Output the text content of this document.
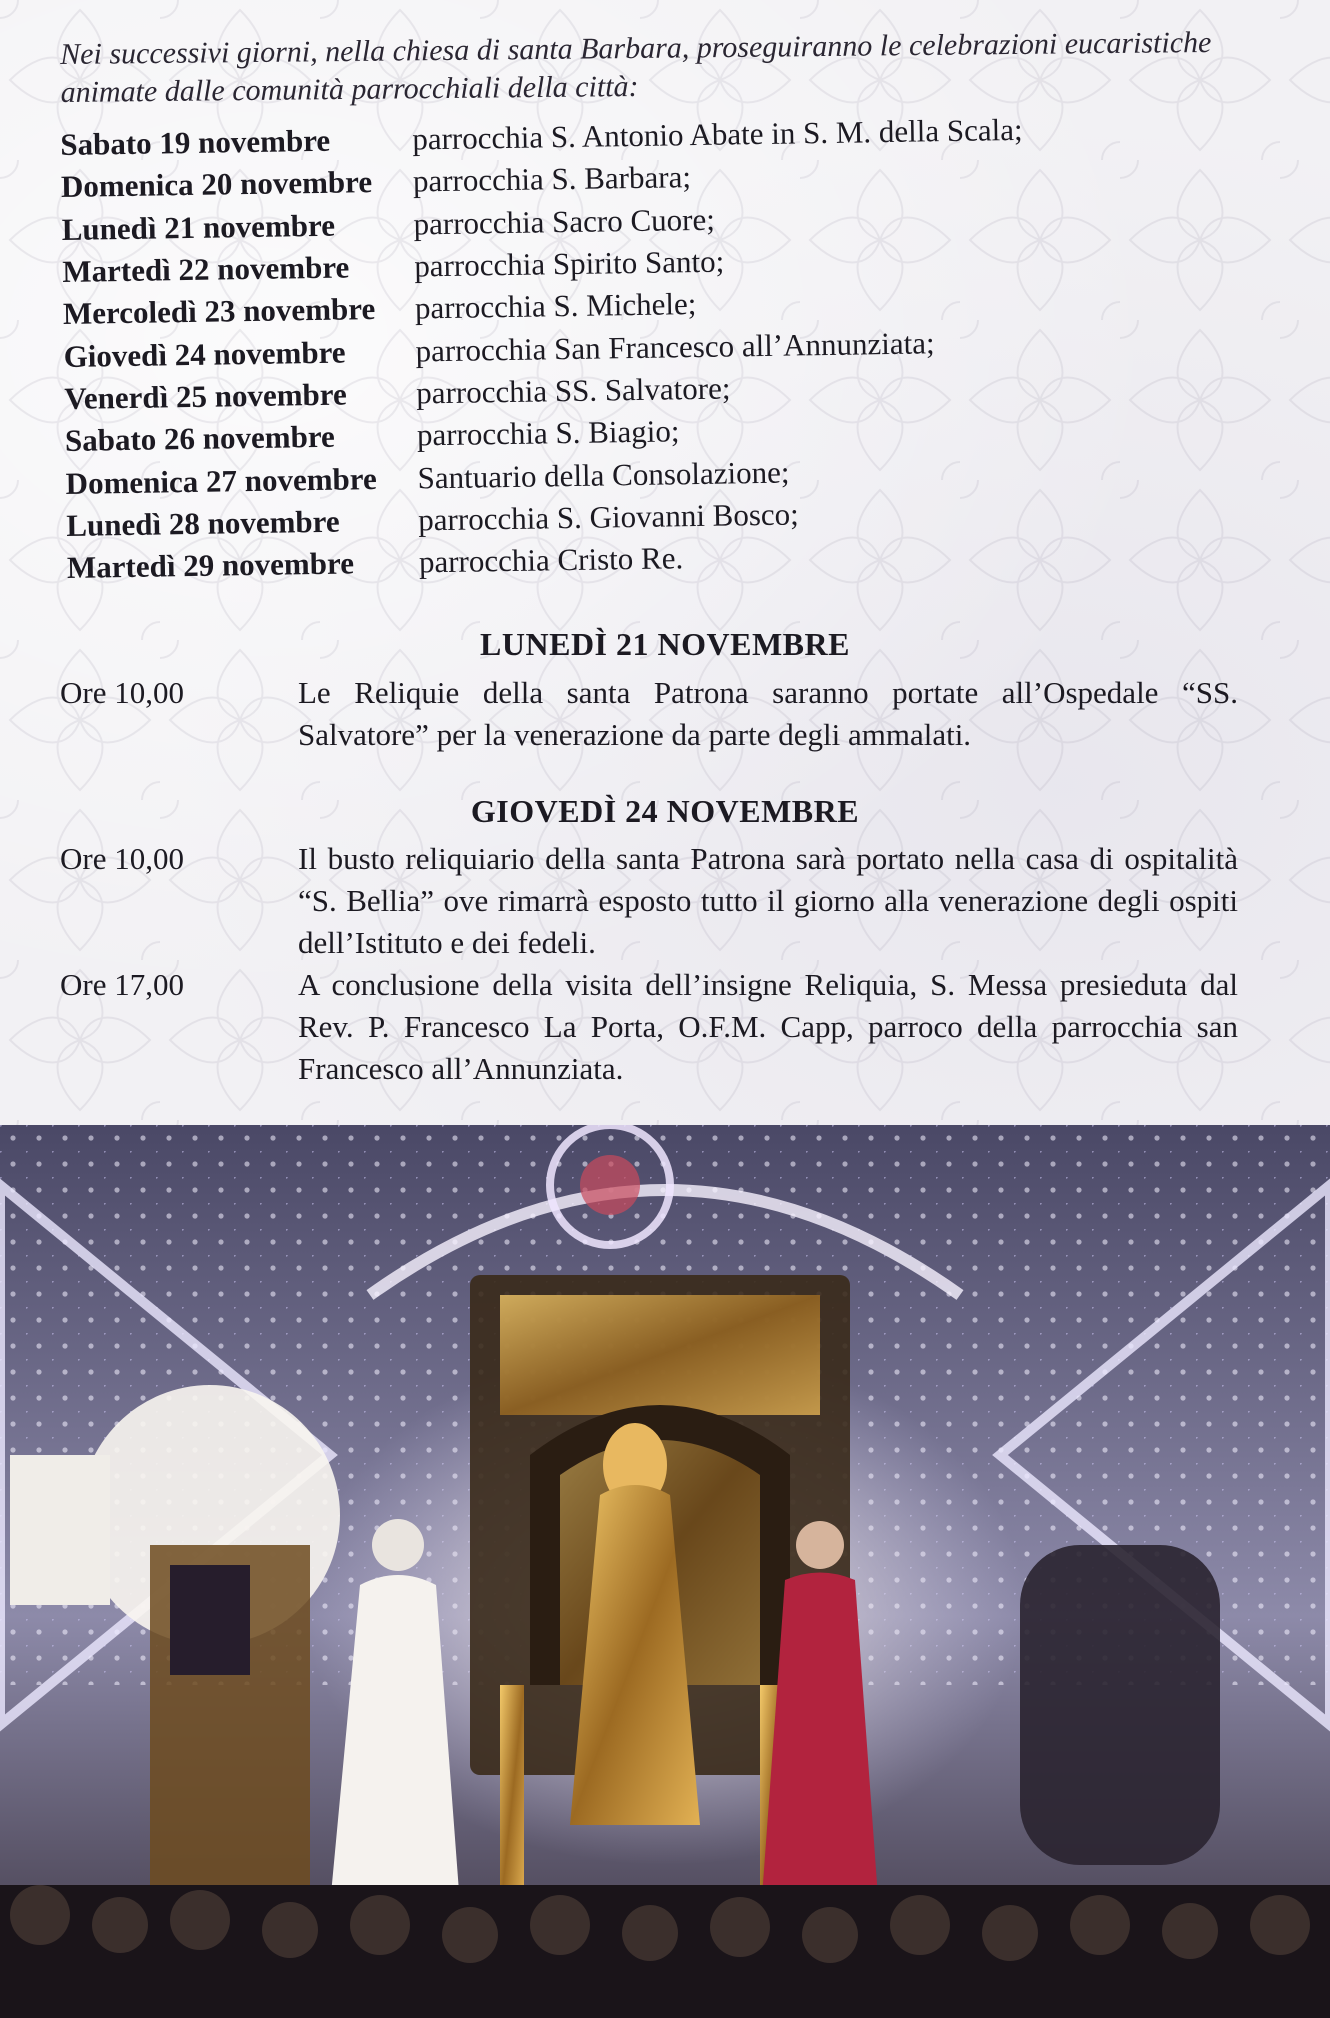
Nei successivi giorni, nella chiesa di santa Barbara, proseguiranno le celebrazioni eucaristiche animate dalle comunità parrocchiali della città:
Sabato 19 novembre	parrocchia S. Antonio Abate in S. M. della Scala;
Domenica 20 novembre	parrocchia S. Barbara;
Lunedì 21 novembre	parrocchia Sacro Cuore;
Martedì 22 novembre	parrocchia Spirito Santo;
Mercoledì 23 novembre	parrocchia S. Michele;
Giovedì 24 novembre	parrocchia San Francesco all’Annunziata;
Venerdì 25 novembre	parrocchia SS. Salvatore;
Sabato 26 novembre	parrocchia S. Biagio;
Domenica 27 novembre	Santuario della Consolazione;
Lunedì 28 novembre	parrocchia S. Giovanni Bosco;
Martedì 29 novembre	parrocchia Cristo Re.
LUNEDÌ 21 NOVEMBRE
Ore 10,00	Le Reliquie della santa Patrona saranno portate all’Ospedale “SS. Salvatore” per la venerazione da parte degli ammalati.
GIOVEDÌ 24 NOVEMBRE
Ore 10,00	Il busto reliquiario della santa Patrona sarà portato nella casa di ospitalità “S. Bellia” ove rimarrà esposto tutto il giorno alla venerazione degli ospiti dell’Istituto e dei fedeli.
Ore 17,00	A conclusione della visita dell’insigne Reliquia, S. Messa presieduta dal Rev. P. Francesco La Porta, O.F.M. Capp, parroco della parrocchia san Francesco all’Annunziata.
